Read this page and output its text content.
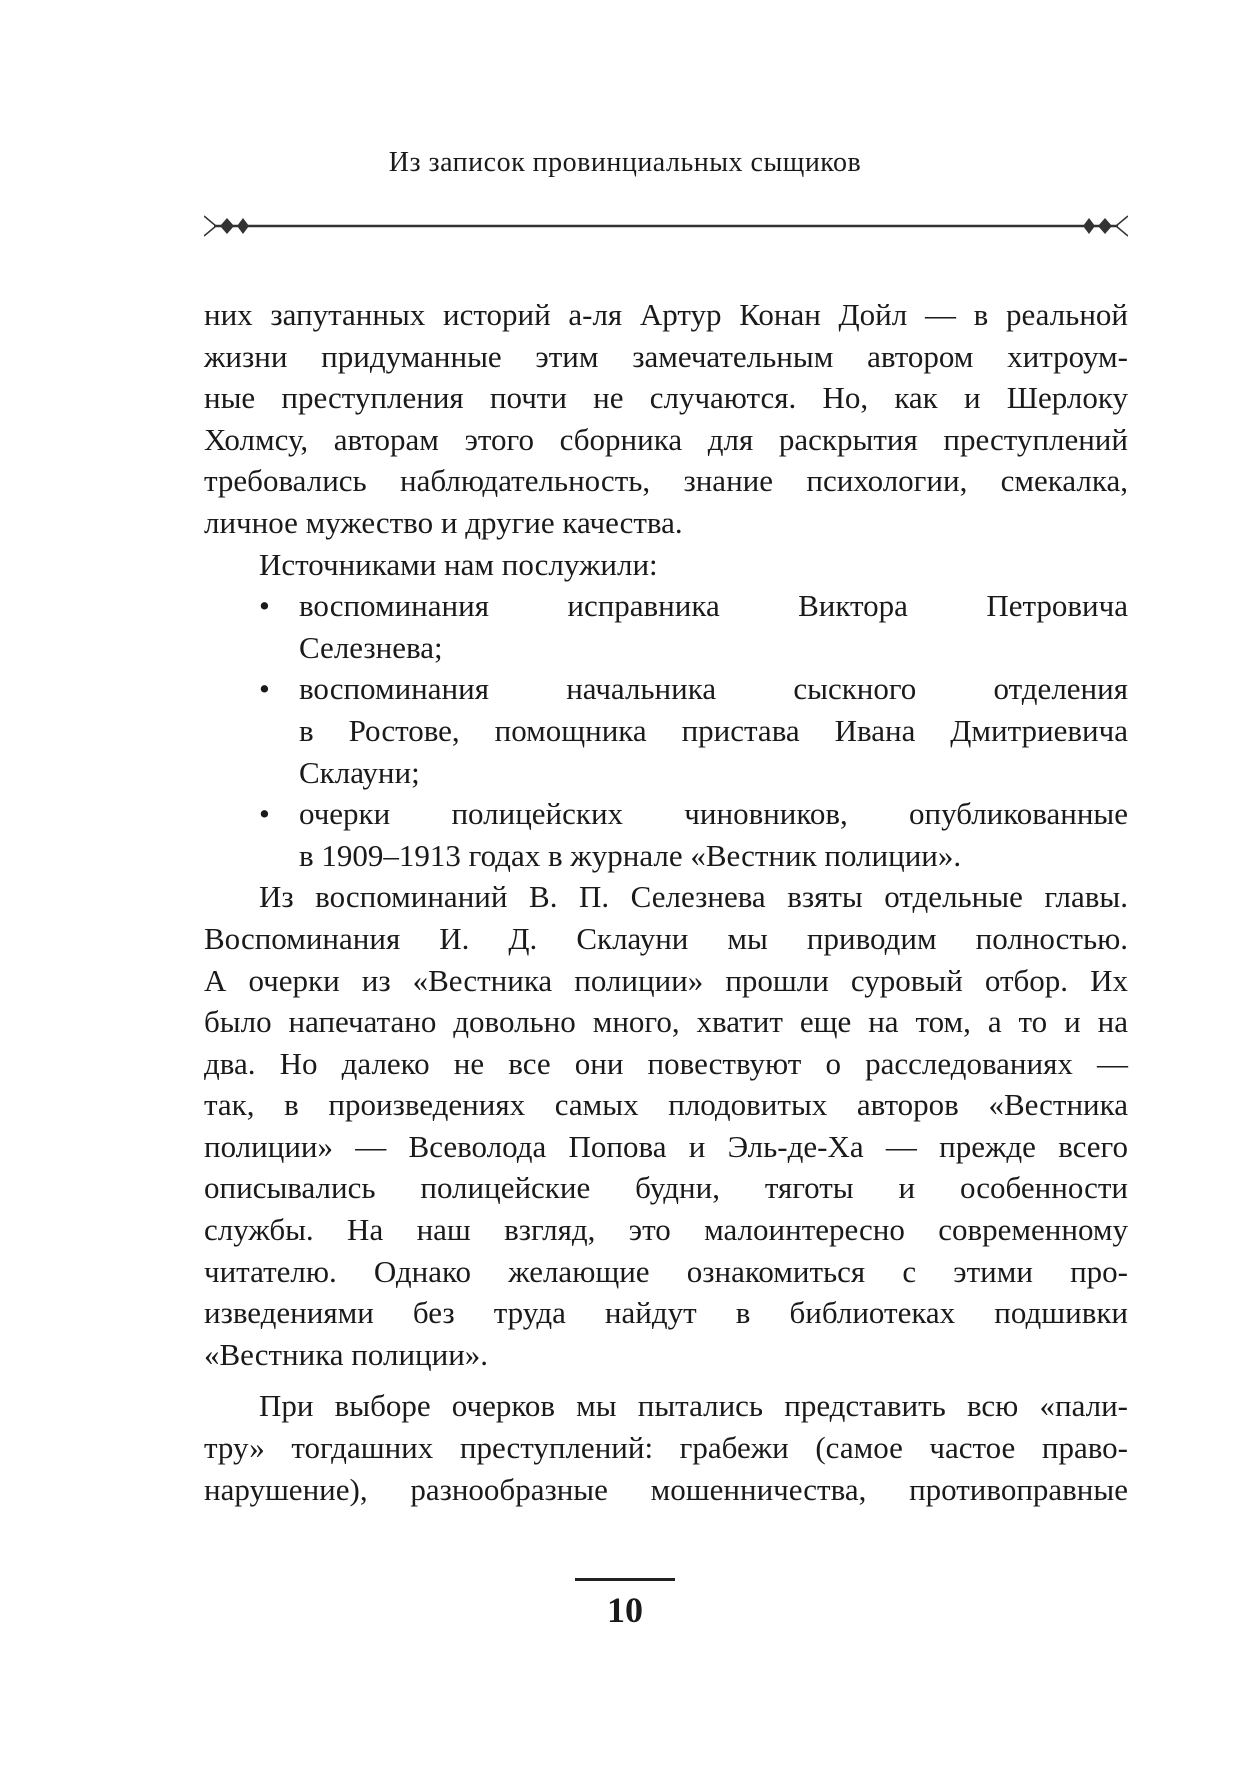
Из записок провинциальных сыщиков
них запутанных историй а-ля Артур Конан Дойл — в реальной
жизни придуманные этим замечательным автором хитроум-
ные преступления почти не случаются. Но, как и Шерлоку
Холмсу, авторам этого сборника для раскрытия преступлений
требовались наблюдательность, знание психологии, смекалка,
личное мужество и другие качества.
Источниками нам послужили:
• воспоминания исправника Виктора Петровича
Селезнева;
• воспоминания начальника сыскного отделения
в Ростове, помощника пристава Ивана Дмитриевича
Склауни;
• очерки полицейских чиновников, опубликованные
в 1909–1913 годах в журнале «Вестник полиции».
Из воспоминаний В. П. Селезнева взяты отдельные главы.
Воспоминания И. Д. Склауни мы приводим полностью.
А очерки из «Вестника полиции» прошли суровый отбор. Их
было напечатано довольно много, хватит еще на том, а то и на
два. Но далеко не все они повествуют о расследованиях —
так, в произведениях самых плодовитых авторов «Вестника
полиции» — Всеволода Попова и Эль-де-Ха — прежде всего
описывались полицейские будни, тяготы и особенности
службы. На наш взгляд, это малоинтересно современному
читателю. Однако желающие ознакомиться с этими про-
изведениями без труда найдут в библиотеках подшивки
«Вестника полиции».
При выборе очерков мы пытались представить всю «пали-
тру» тогдашних преступлений: грабежи (самое частое право-
нарушение), разнообразные мошенничества, противоправные
10
